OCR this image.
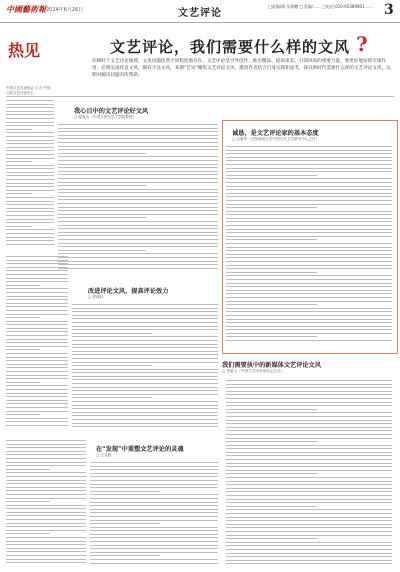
中國藝術報 2024年6月26日	文艺评论
□责编/蒋·吴炜鹏 □美编/…… □电话:010-65389801 …… 3
热见
中国文艺评论协会·主办 中国文联文艺评论中心
文艺评论，我们需要什么样的文风 ?
环顾时下文艺评论领域，文风问题依然不同程度地存在。文艺评论是引导创作、推出精品、提高审美、引领风尚的重要力量，要更好地发挥引领作用，必须弘扬优良文风，摒弃不良文风。本期“艺见”聚焦文艺评论文风，邀请作者结合自身实践和思考，探讨新时代需要什么样的文艺评论文风，以期对解决问题有所帮助。
我心目中的文艺评论好文风
□ 陆贵山（中国人民大学文学院教授）
诚恳，是文艺评论家的基本态度
□ 孟繁华（沈阳师范大学中国当代文学研究中心主任）
改进评论文风，提高评论效力
□ 张德祥
我们需要执中的新媒体文艺评论文风
□ 李星云（中国文艺评论家协会会员）
在“发现”中重塑文艺评论的灵魂
□ 王兆胜
